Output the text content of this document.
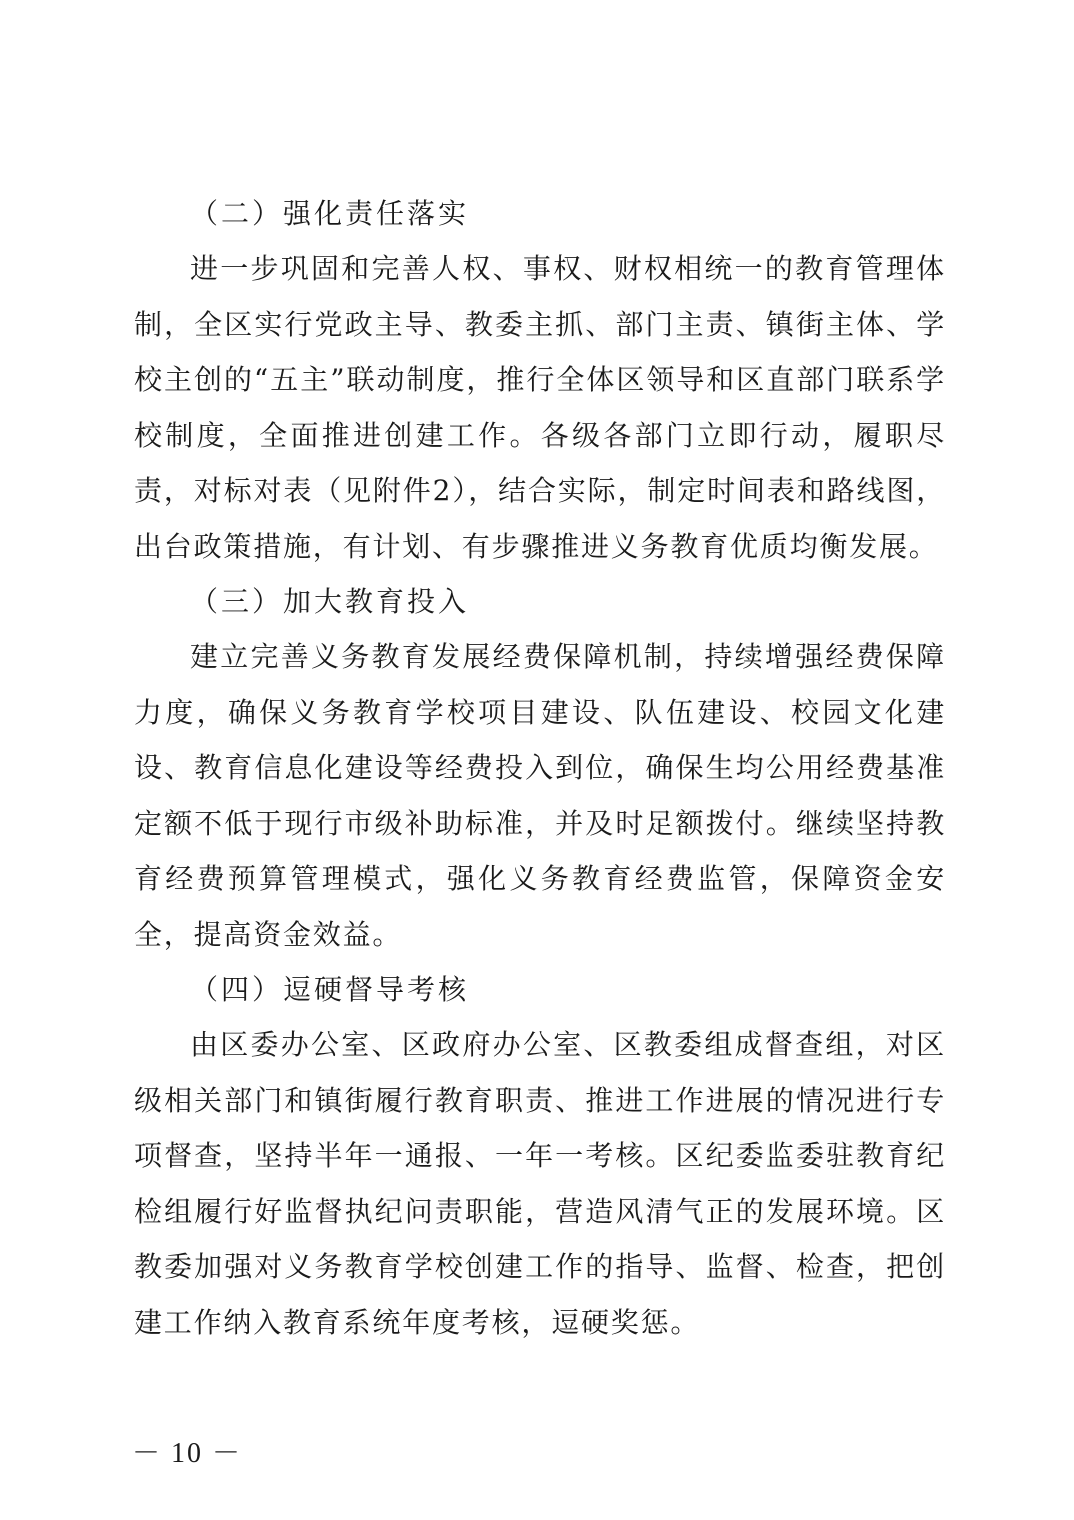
（二）强化责任落实

进一步巩固和完善人权、事权、财权相统一的教育管理体制，全区实行党政主导、教委主抓、部门主责、镇街主体、学校主创的“五主”联动制度，推行全体区领导和区直部门联系学校制度，全面推进创建工作。各级各部门立即行动，履职尽责，对标对表（见附件2），结合实际，制定时间表和路线图，出台政策措施，有计划、有步骤推进义务教育优质均衡发展。

（三）加大教育投入

建立完善义务教育发展经费保障机制，持续增强经费保障力度，确保义务教育学校项目建设、队伍建设、校园文化建设、教育信息化建设等经费投入到位，确保生均公用经费基准定额不低于现行市级补助标准，并及时足额拨付。继续坚持教育经费预算管理模式，强化义务教育经费监管，保障资金安全，提高资金效益。

（四）逗硬督导考核

由区委办公室、区政府办公室、区教委组成督查组，对区级相关部门和镇街履行教育职责、推进工作进展的情况进行专项督查，坚持半年一通报、一年一考核。区纪委监委驻教育纪检组履行好监督执纪问责职能，营造风清气正的发展环境。区教委加强对义务教育学校创建工作的指导、监督、检查，把创建工作纳入教育系统年度考核，逗硬奖惩。

－ 10 －
